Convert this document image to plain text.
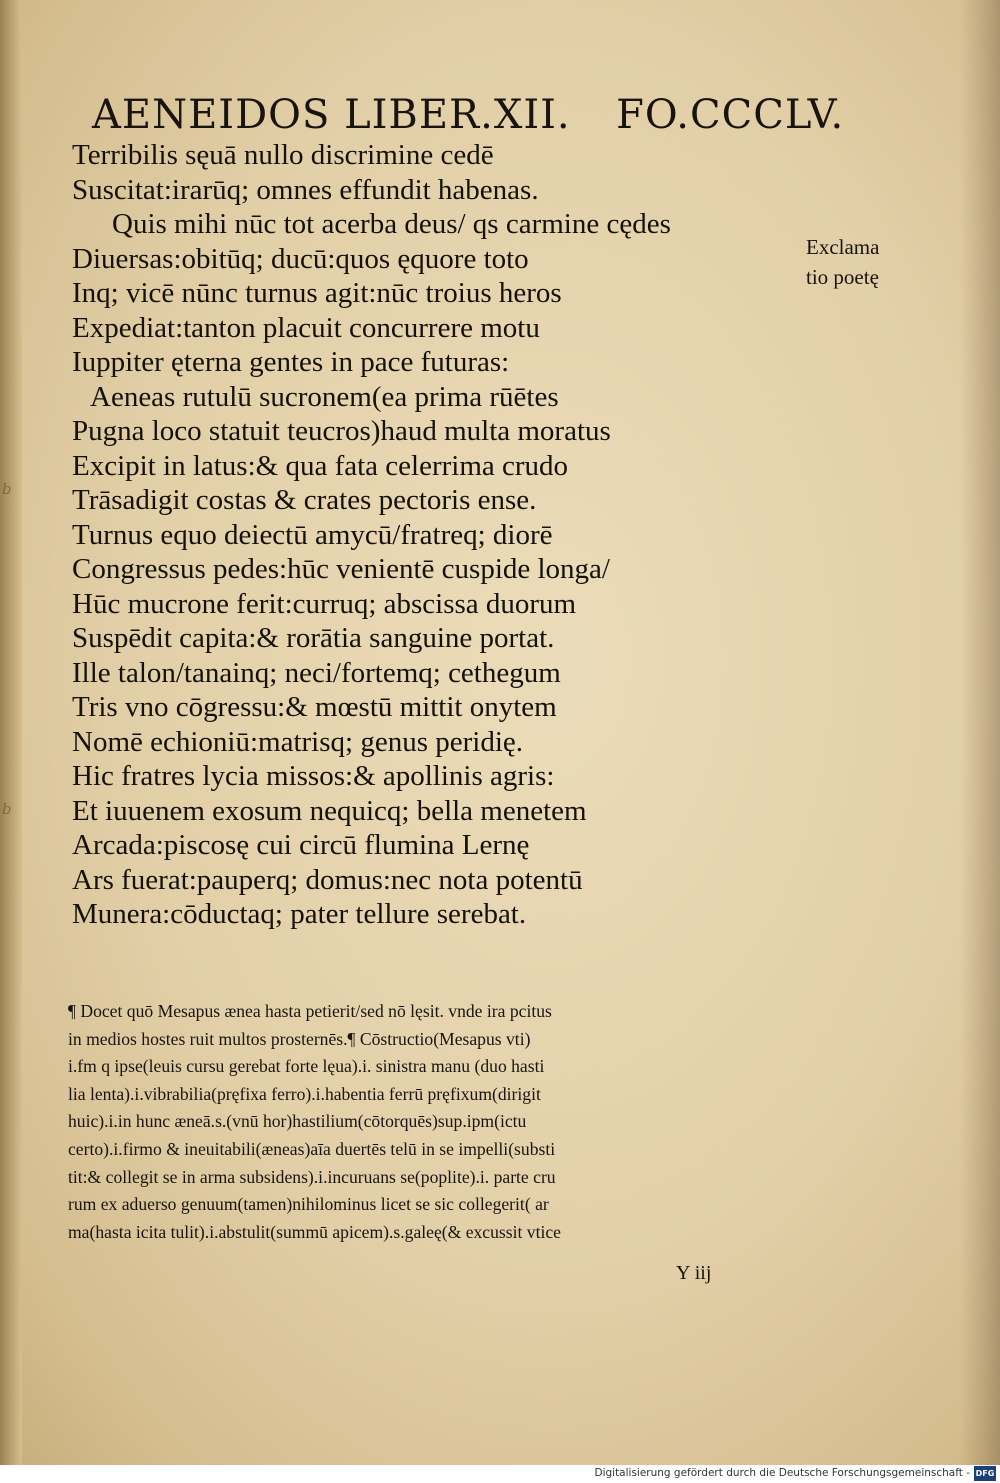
b
b
AENEIDOS LIBER.XII. FO.CCCLV.
Terribilis sęuā nullo discrimine cedē
Suscitat:irarūq; omnes effundit habenas.
Quis mihi nūc tot acerba deus/ qs carmine cędes
Diuersas:obitūq; ducū:quos ęquore toto
Inq; vicē nūnc turnus agit:nūc troius heros
Expediat:tanton placuit concurrere motu
Iuppiter ęterna gentes in pace futuras:
Aeneas rutulū sucronem(ea prima rūētes
Pugna loco statuit teucros)haud multa moratus
Excipit in latus:& qua fata celerrima crudo
Trāsadigit costas & crates pectoris ense.
Turnus equo deiectū amycū/fratreq; diorē
Congressus pedes:hūc venientē cuspide longa/
Hūc mucrone ferit:curruq; abscissa duorum
Suspēdit capita:& rorātia sanguine portat.
Ille talon/tanainq; neci/fortemq; cethegum
Tris vno cōgressu:& mœstū mittit onytem
Nomē echioniū:matrisq; genus peridię.
Hic fratres lycia missos:& apollinis agris:
Et iuuenem exosum nequicq; bella menetem
Arcada:piscosę cui circū flumina Lernę
Ars fuerat:pauperq; domus:nec nota potentū
Munera:cōductaq; pater tellure serebat.
Exclama
tio poetę
¶ Docet quō Mesapus ænea hasta petierit/sed nō lęsit. vnde ira pcitus
in medios hostes ruit multos prosternēs.¶ Cōstructio(Mesapus vti)
i.fm q ipse(leuis cursu gerebat forte lęua).i. sinistra manu (duo hasti
lia lenta).i.vibrabilia(pręfixa ferro).i.habentia ferrū pręfixum(dirigit
huic).i.in hunc æneā.s.(vnū hor)hastilium(cōtorquēs)sup.ipm(ictu
certo).i.firmo & ineuitabili(æneas)aīa duertēs telū in se impelli(substi
tit:& collegit se in arma subsidens).i.incuruans se(poplite).i. parte cru
rum ex aduerso genuum(tamen)nihilominus licet se sic collegerit( ar
ma(hasta icita tulit).i.abstulit(summū apicem).s.galeę(& excussit vtice
Y iij
Digitalisierung gefördert durch die Deutsche Forschungsgemeinschaft - DFG
